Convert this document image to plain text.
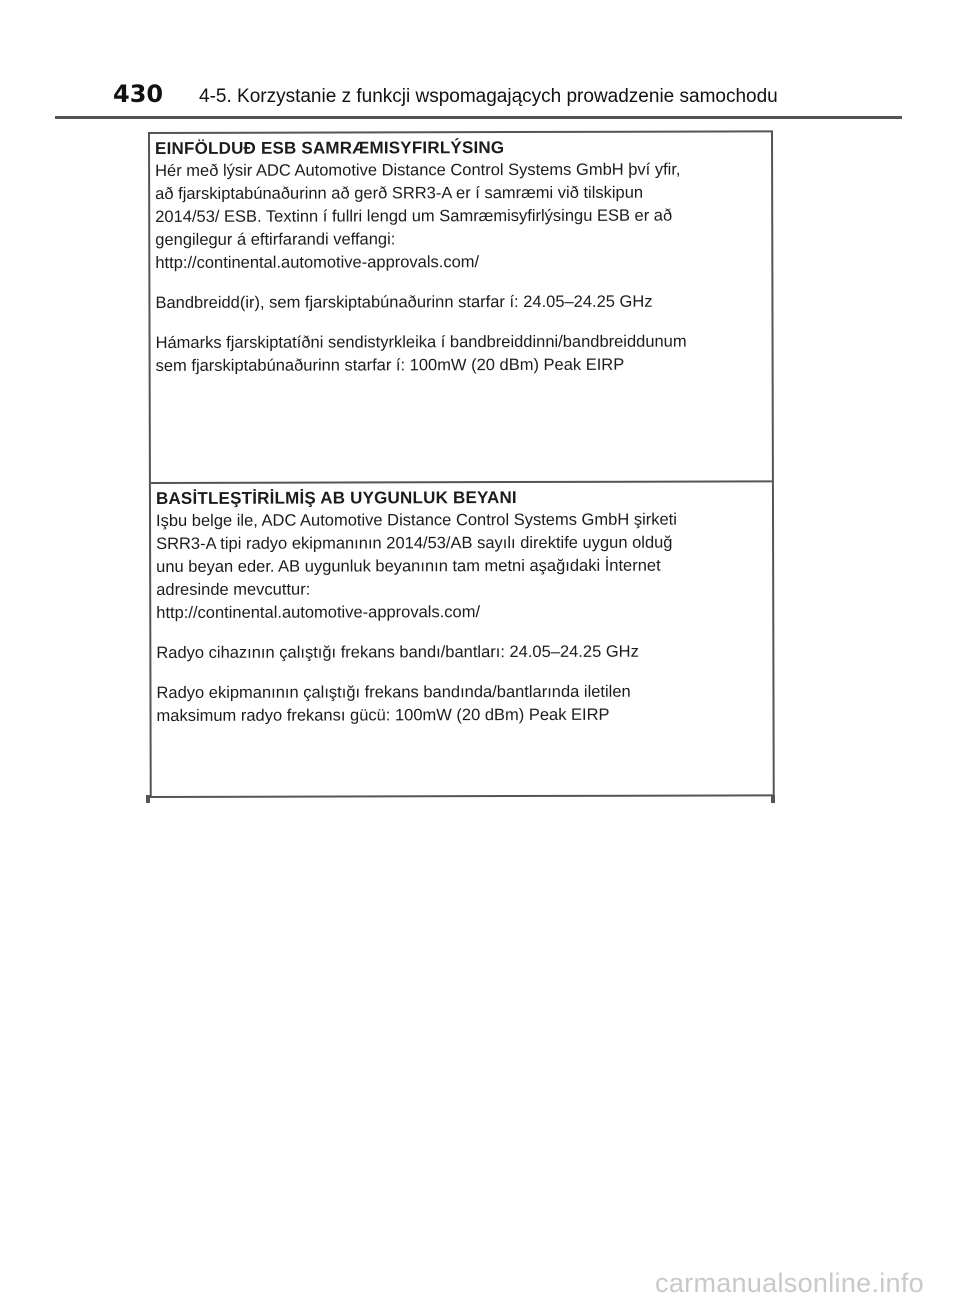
430 4-5. Korzystanie z funkcji wspomagających prowadzenie samochodu
EINFÖLDUÐ ESB SAMRÆMISYFIRLÝSING

Hér með lýsir ADC Automotive Distance Control Systems GmbH því yfir,
að fjarskiptabúnaðurinn að gerð SRR3-A er í samræmi við tilskipun
2014/53/ ESB. Textinn í fullri lengd um Samræmisyfirlýsingu ESB er að
gengilegur á eftirfarandi veffangi:
http://continental.automotive-approvals.com/

Bandbreidd(ir), sem fjarskiptabúnaðurinn starfar í: 24.05–24.25 GHz

Hámarks fjarskiptatíðni sendistyrkleika í bandbreiddinni/bandbreiddunum
sem fjarskiptabúnaðurinn starfar í: 100mW (20 dBm) Peak EIRP

BASİTLEŞTİRİLMİŞ AB UYGUNLUK BEYANI

Işbu belge ile, ADC Automotive Distance Control Systems GmbH şirketi
SRR3-A tipi radyo ekipmanının 2014/53/AB sayılı direktife uygun olduğ
unu beyan eder. AB uygunluk beyanının tam metni aşağıdaki İnternet
adresinde mevcuttur:
http://continental.automotive-approvals.com/

Radyo cihazının çalıştığı frekans bandı/bantları: 24.05–24.25 GHz

Radyo ekipmanının çalıştığı frekans bandında/bantlarında iletilen
maksimum radyo frekansı gücü: 100mW (20 dBm) Peak EIRP

carmanualsonline.info
